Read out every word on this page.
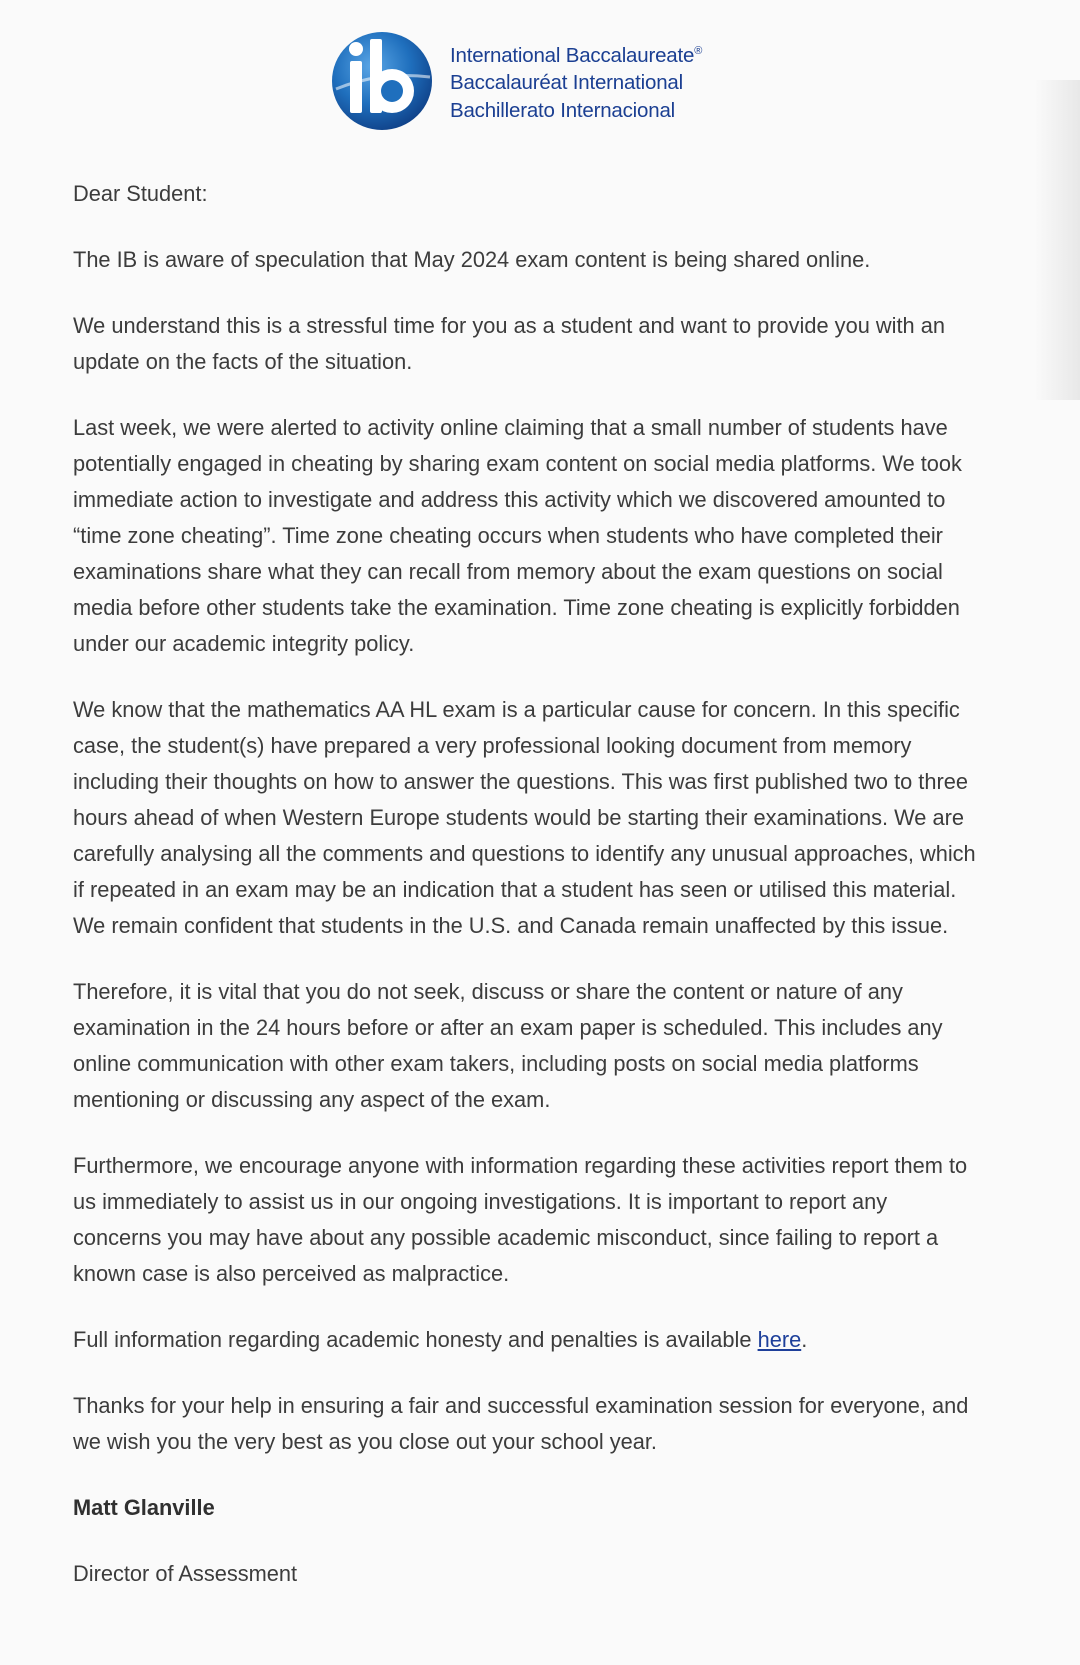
International Baccalaureate®
Baccalauréat International
Bachillerato Internacional

Dear Student:

The IB is aware of speculation that May 2024 exam content is being shared online.

We understand this is a stressful time for you as a student and want to provide you with an update on the facts of the situation.

Last week, we were alerted to activity online claiming that a small number of students have potentially engaged in cheating by sharing exam content on social media platforms. We took immediate action to investigate and address this activity which we discovered amounted to “time zone cheating”. Time zone cheating occurs when students who have completed their examinations share what they can recall from memory about the exam questions on social media before other students take the examination. Time zone cheating is explicitly forbidden under our academic integrity policy.

We know that the mathematics AA HL exam is a particular cause for concern. In this specific case, the student(s) have prepared a very professional looking document from memory including their thoughts on how to answer the questions. This was first published two to three hours ahead of when Western Europe students would be starting their examinations. We are carefully analysing all the comments and questions to identify any unusual approaches, which if repeated in an exam may be an indication that a student has seen or utilised this material. We remain confident that students in the U.S. and Canada remain unaffected by this issue.

Therefore, it is vital that you do not seek, discuss or share the content or nature of any examination in the 24 hours before or after an exam paper is scheduled. This includes any online communication with other exam takers, including posts on social media platforms mentioning or discussing any aspect of the exam.

Furthermore, we encourage anyone with information regarding these activities report them to us immediately to assist us in our ongoing investigations. It is important to report any concerns you may have about any possible academic misconduct, since failing to report a known case is also perceived as malpractice.

Full information regarding academic honesty and penalties is available here.

Thanks for your help in ensuring a fair and successful examination session for everyone, and we wish you the very best as you close out your school year.

Matt Glanville

Director of Assessment
